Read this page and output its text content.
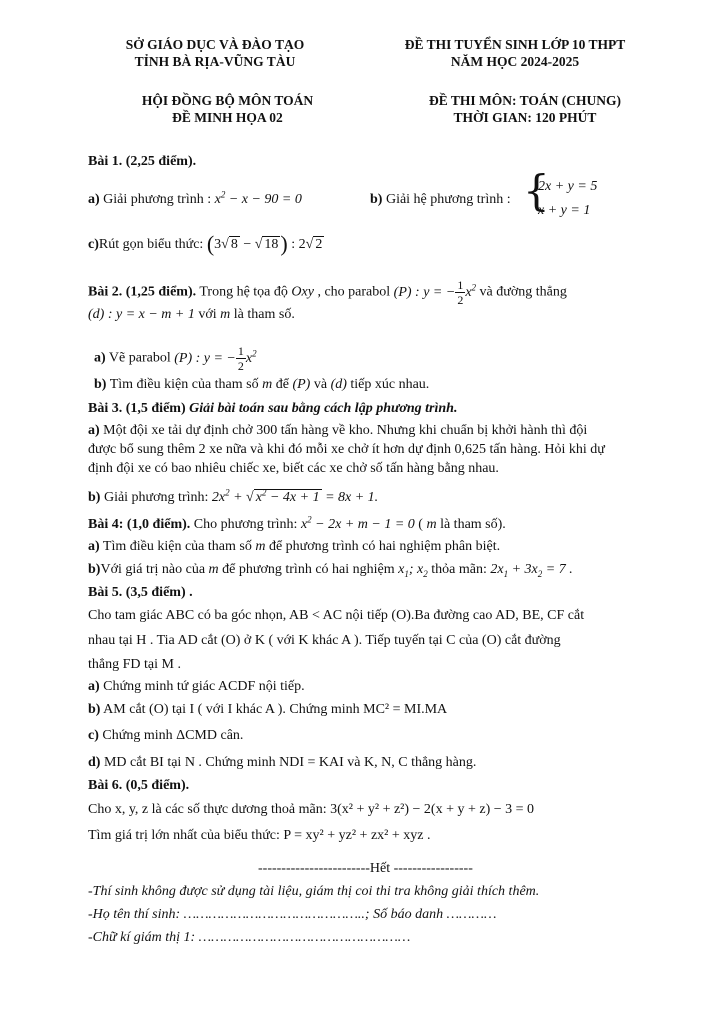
SỞ GIÁO DỤC VÀ ĐÀO TẠO
TỈNH BÀ RỊA-VŨNG TÀU
ĐỀ THI TUYỂN SINH LỚP 10 THPT
NĂM HỌC 2024-2025
HỘI ĐỒNG BỘ MÔN TOÁN
ĐỀ MINH HỌA 02
ĐỀ THI MÔN: TOÁN (CHUNG)
THỜI GIAN: 120 PHÚT
Bài 1. (2,25 điểm).
a) Giải phương trình : $x^2 - x - 90 = 0$	b) Giải hệ phương trình : {
2x + y = 5
x + y = 1
c)Rút gọn biểu thức: (3√ 8 − √ 18) : 2√ 2
Bài 2. (1,25 điểm). Trong hệ tọa độ Oxy , cho parabol (P) : y = − $\frac{1}{2} x^2$ và đường thẳng
(d) : y = x − m + 1 với m là tham số.
a) Vẽ parabol (P) : y = − $\frac{1}{2} x^2$
b) Tìm điều kiện của tham số m để (P) và (d) tiếp xúc nhau.
Bài 3. (1,5 điểm) Giải bài toán sau bằng cách lập phương trình.
a) Một đội xe tải dự định chở 300 tấn hàng về kho. Nhưng khi chuẩn bị khởi hành thì đội
được bổ sung thêm 2 xe nữa và khi đó mỗi xe chở ít hơn dự định 0,625 tấn hàng. Hỏi khi dự
định đội xe có bao nhiêu chiếc xe, biết các xe chở số tấn hàng bằng nhau.
b) Giải phương trình: $2x^2$ + √ $x^2 - 4x + 1 = 8x + 1$.
Bài 4: (1,0 điểm). Cho phương trình: $x^2 - 2x + m - 1 = 0$ ( m là tham số).
a) Tìm điều kiện của tham số m để phương trình có hai nghiệm phân biệt.
b)Với giá trị nào của m để phương trình có hai nghiệm $x_1$; $x_2$ thỏa mãn: $2x_1 + 3x_2 = 7$ .
Bài 5. (3,5 điểm) .
Cho tam giác ABC có ba góc nhọn, AB < AC nội tiếp (O).Ba đường cao AD, BE, CF cắt
nhau tại H . Tia AD cắt (O) ở K ( với K khác A ). Tiếp tuyến tại C của (O) cắt đường
thẳng FD tại M .
a) Chứng minh tứ giác ACDF nội tiếp.
b) AM cắt (O) tại I ( với I khác A ). Chứng minh MC² = MI.MA
c) Chứng minh ΔCMD cân.
d) MD cắt BI tại N . Chứng minh NDI = KAI và K, N, C thẳng hàng.
Bài 6. (0,5 điểm).
Cho x, y, z là các số thực dương thoả mãn: 3(x² + y² + z²) − 2(x + y + z) − 3 = 0
Tìm giá trị lớn nhất của biểu thức: P = xy² + yz² + zx² + xyz .
------------------------Hết -----------------
-Thí sinh không được sử dụng tài liệu, giám thị coi thi tra không giải thích thêm.
-Họ tên thí sinh: ……………………………………..; Số báo danh …………
-Chữ kí giám thị 1: ……………………………………………
